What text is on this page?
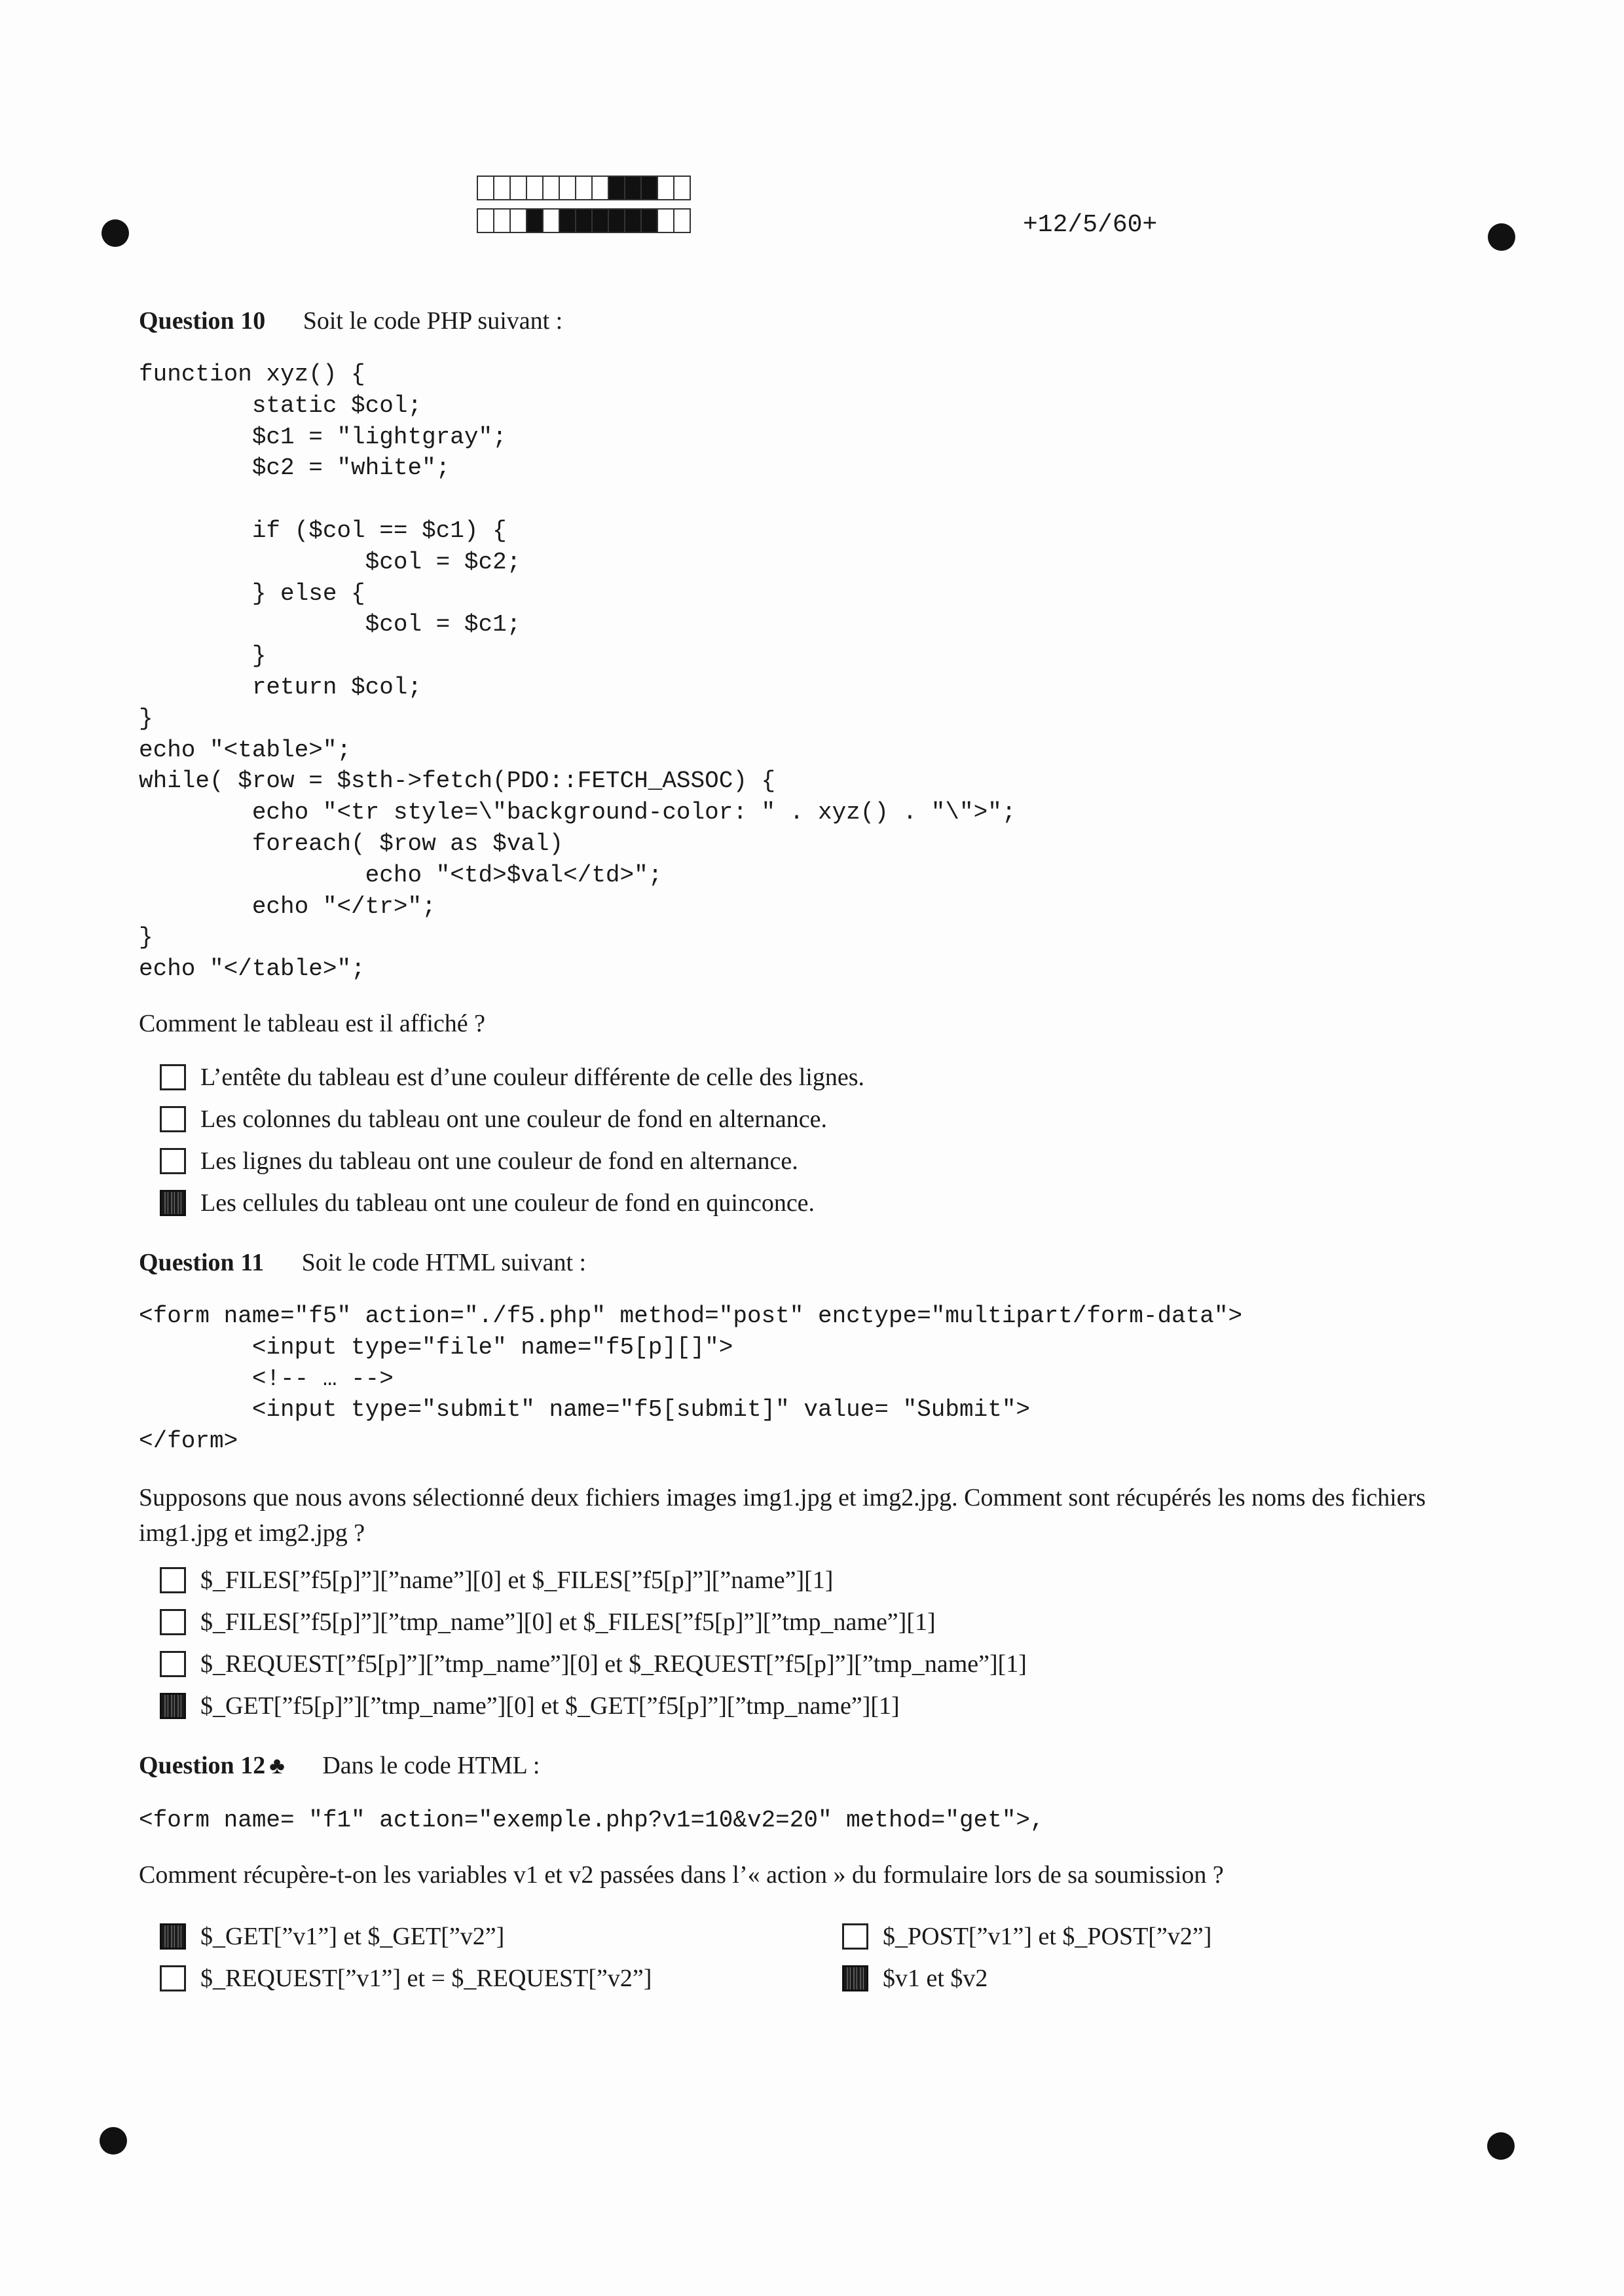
+12/5/60+
Question 10 Soit le code PHP suivant :
function xyz() {
static $col;
$c1 = "lightgray";
$c2 = "white";

if ($col == $c1) {
$col = $c2;
} else {
$col = $c1;
}
return $col;
}
echo "<table>";
while( $row = $sth->fetch(PDO::FETCH_ASSOC) {
echo "<tr style=\"background-color: " . xyz() . "\">";
foreach( $row as $val)
echo "<td>$val</td>";
echo "</tr>";
}
echo "</table>";
Comment le tableau est il affiché ?
L’entête du tableau est d’une couleur différente de celle des lignes.
Les colonnes du tableau ont une couleur de fond en alternance.
Les lignes du tableau ont une couleur de fond en alternance.
Les cellules du tableau ont une couleur de fond en quinconce.
Question 11 Soit le code HTML suivant :
<form name="f5" action="./f5.php" method="post" enctype="multipart/form-data">
<input type="file" name="f5[p][]">
<!-- … -->
<input type="submit" name="f5[submit]" value= "Submit">
</form>
Supposons que nous avons sélectionné deux fichiers images img1.jpg et img2.jpg. Comment sont récupérés les noms des fichiers img1.jpg et img2.jpg ?
$_FILES[”f5[p]”][”name”][0] et $_FILES[”f5[p]”][”name”][1]
$_FILES[”f5[p]”][”tmp_name”][0] et $_FILES[”f5[p]”][”tmp_name”][1]
$_REQUEST[”f5[p]”][”tmp_name”][0] et $_REQUEST[”f5[p]”][”tmp_name”][1]
$_GET[”f5[p]”][”tmp_name”][0] et $_GET[”f5[p]”][”tmp_name”][1]
Question 12 ♣ Dans le code HTML :
<form name= "f1" action="exemple.php?v1=10&v2=20" method="get">,
Comment récupère-t-on les variables v1 et v2 passées dans l’« action » du formulaire lors de sa soumission ?
$_GET[”v1”] et $_GET[”v2”]	$_POST[”v1”] et $_POST[”v2”]
$_REQUEST[”v1”] et = $_REQUEST[”v2”]	$v1 et $v2
